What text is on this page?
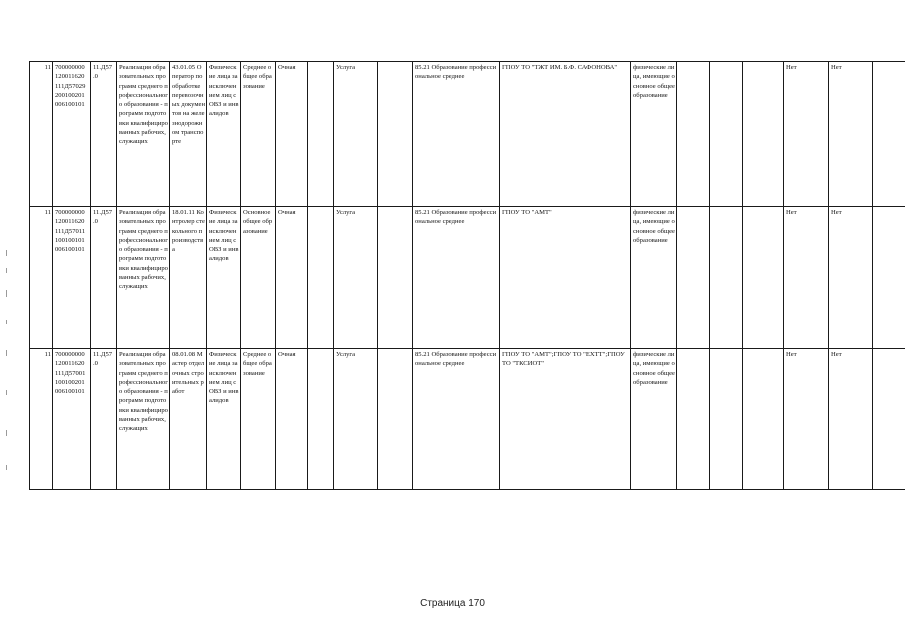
11	700000000 120011620 111Д57029 200100201 006100101	11.Д57 .0	Реализация образовательных программ среднего профессионального образования - программ подготовки квалифицированных рабочих, служащих	43.01.05 Оператор по обработке перевозочных документов на железнодорожном транспорте	Физические лица за исключением лиц с ОВЗ и инвалидов	Среднее общее образование	Очная		Услуга		85.21 Образование профессиональное среднее	ГПОУ ТО "ТЖТ ИМ. Б.Ф. САФОНОВА"	физические лица, имеющие основное общее образование				Нет	Нет	
11	700000000 120011620 111Д57011 100100101 006100101	11.Д57 .0	Реализация образовательных программ среднего профессионального образования - программ подготовки квалифицированных рабочих, служащих	18.01.11 Контролер стекольного производства	Физические лица за исключением лиц с ОВЗ и инвалидов	Основное общее образование	Очная		Услуга		85.21 Образование профессиональное среднее	ГПОУ ТО "АМТ"	физические лица, имеющие основное общее образование				Нет	Нет	
11	700000000 120011620 111Д57001 100100201 006100101	11.Д57 .0	Реализация образовательных программ среднего профессионального образования - программ подготовки квалифицированных рабочих, служащих	08.01.08 Мастер отделочных строительных работ	Физические лица за исключением лиц с ОВЗ и инвалидов	Среднее общее образование	Очная		Услуга		85.21 Образование профессиональное среднее	ГПОУ ТО "АМТ";ГПОУ ТО "ЕХТТ";ГПОУ ТО "ТКСИОТ"	физические лица, имеющие основное общее образование				Нет	Нет	
Страница 170
